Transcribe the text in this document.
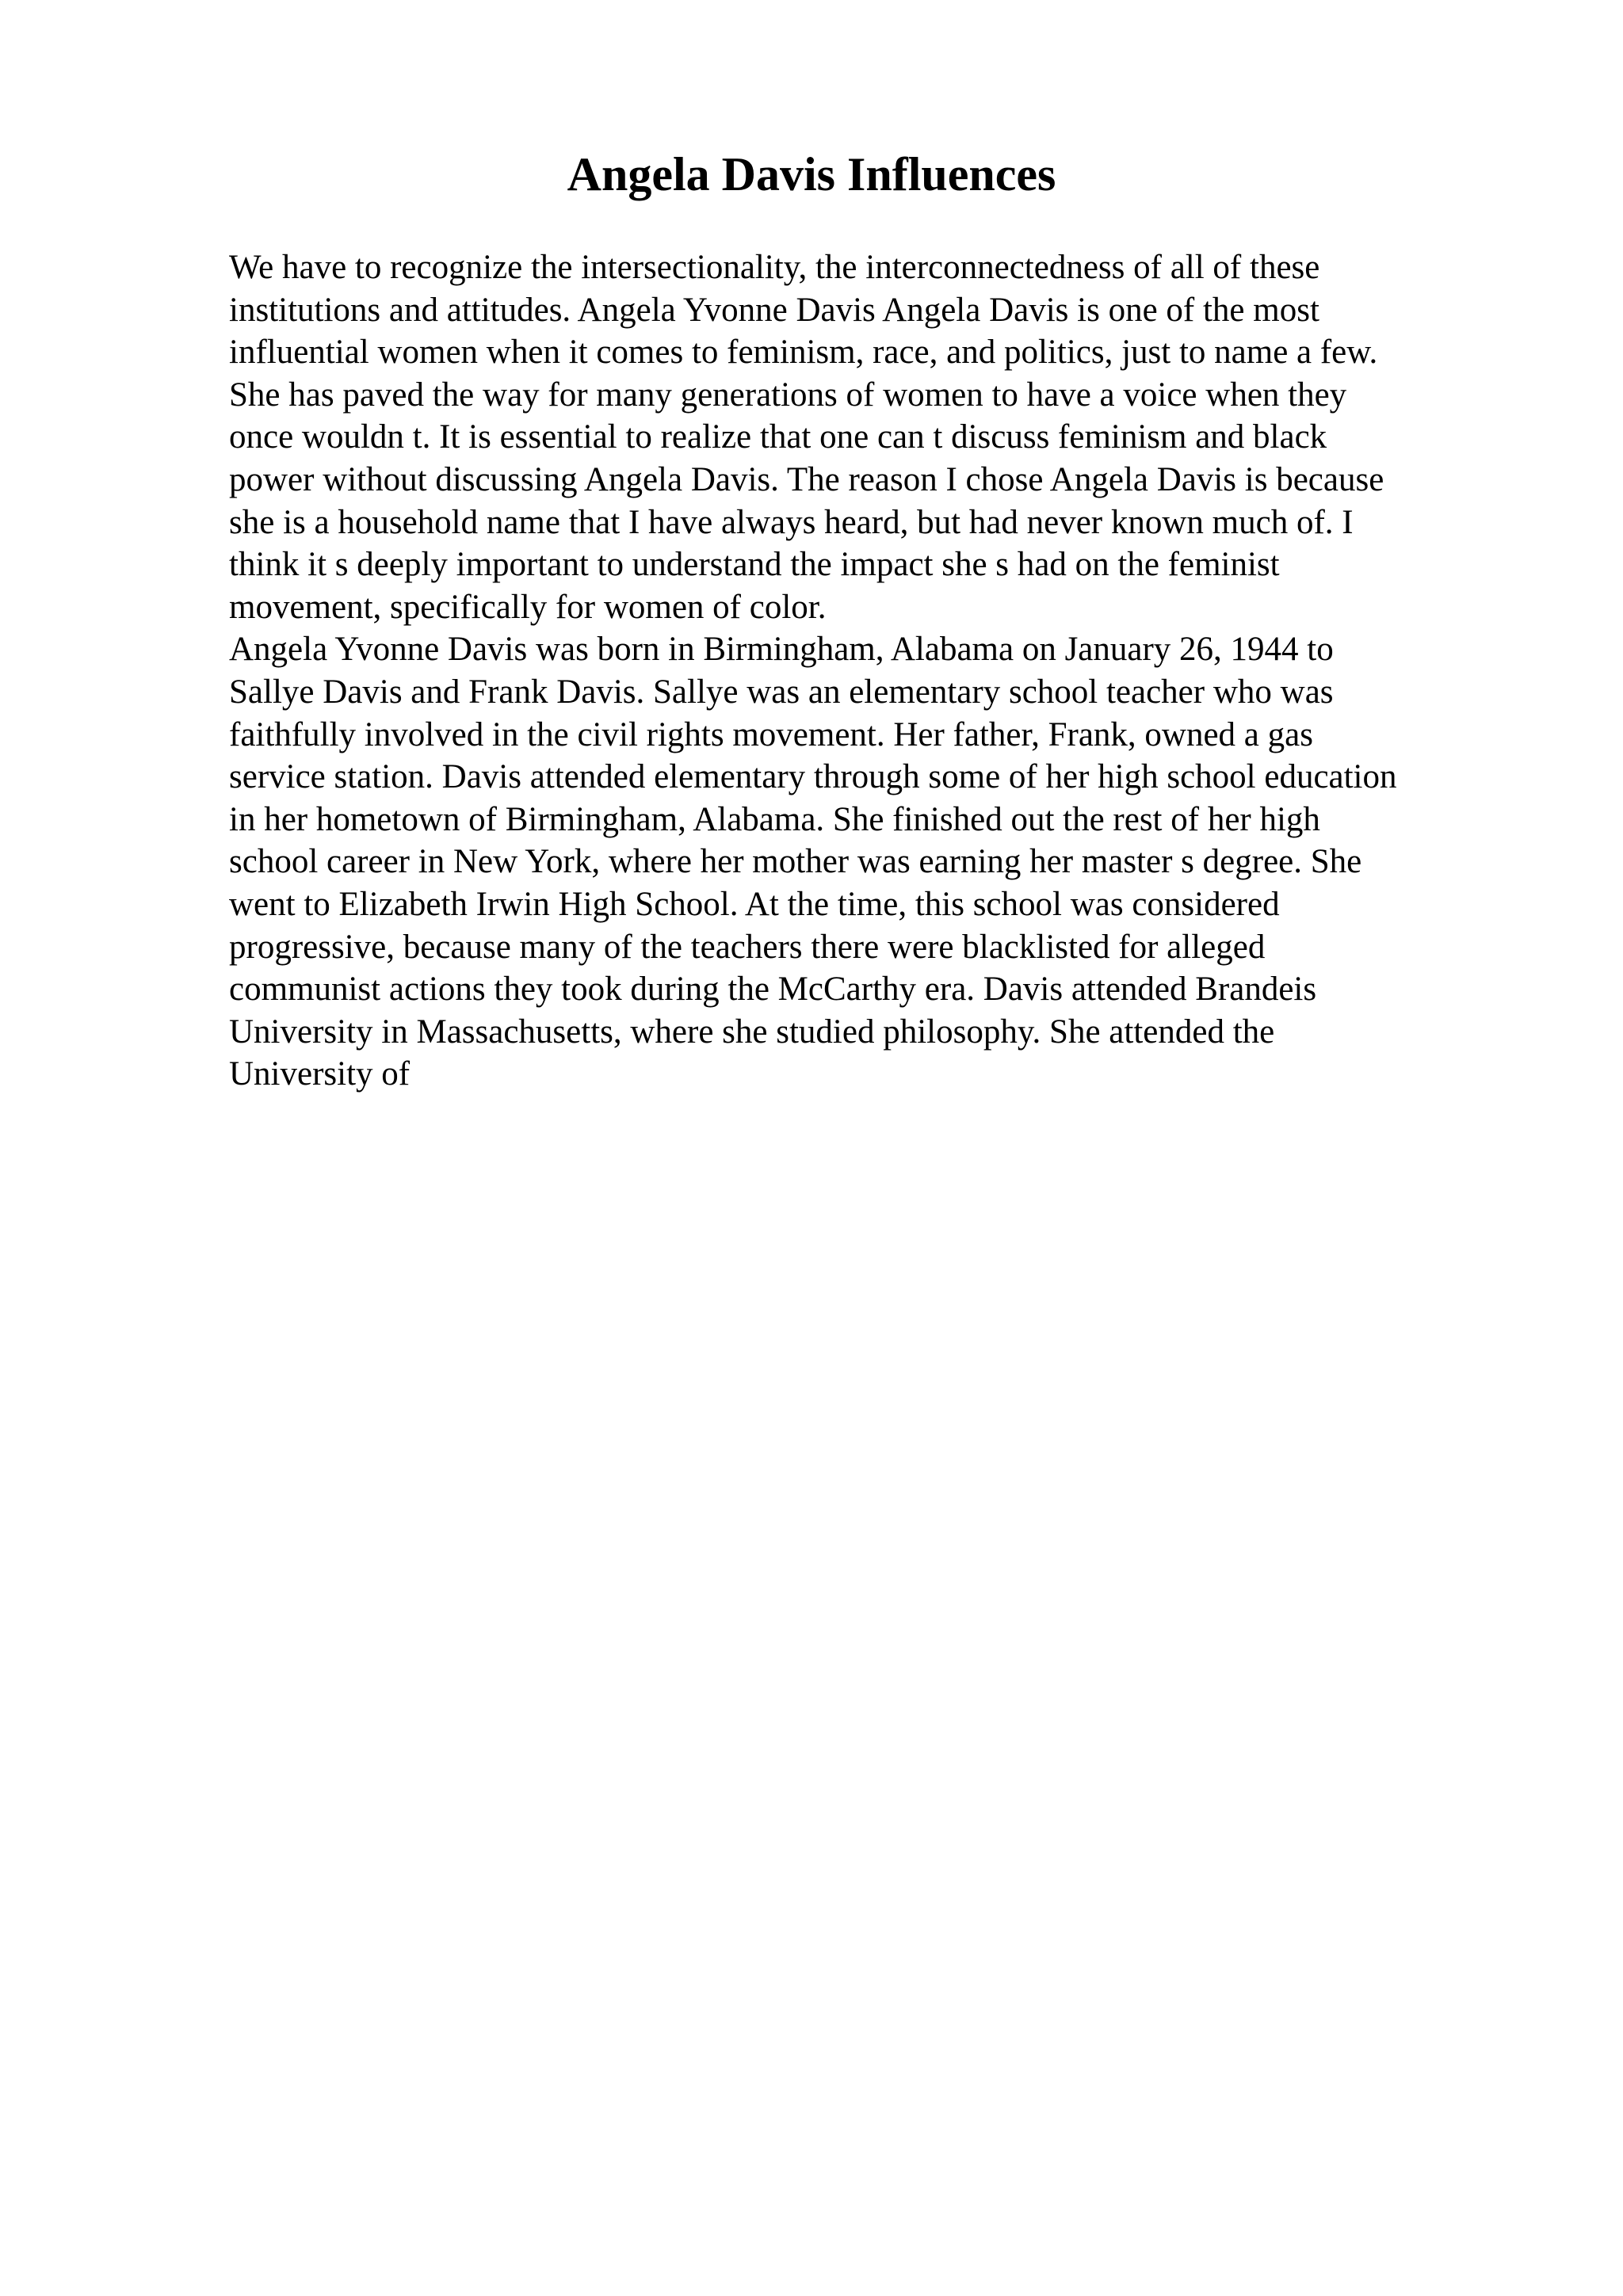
Angela Davis Influences
We have to recognize the intersectionality, the interconnectedness of all of these
institutions and attitudes. Angela Yvonne Davis Angela Davis is one of the most
influential women when it comes to feminism, race, and politics, just to name a few.
She has paved the way for many generations of women to have a voice when they
once wouldn t. It is essential to realize that one can t discuss feminism and black
power without discussing Angela Davis. The reason I chose Angela Davis is because
she is a household name that I have always heard, but had never known much of. I
think it s deeply important to understand the impact she s had on the feminist
movement, specifically for women of color.
Angela Yvonne Davis was born in Birmingham, Alabama on January 26, 1944 to
Sallye Davis and Frank Davis. Sallye was an elementary school teacher who was
faithfully involved in the civil rights movement. Her father, Frank, owned a gas
service station. Davis attended elementary through some of her high school education
in her hometown of Birmingham, Alabama. She finished out the rest of her high
school career in New York, where her mother was earning her master s degree. She
went to Elizabeth Irwin High School. At the time, this school was considered
progressive, because many of the teachers there were blacklisted for alleged
communist actions they took during the McCarthy era. Davis attended Brandeis
University in Massachusetts, where she studied philosophy. She attended the
University of
